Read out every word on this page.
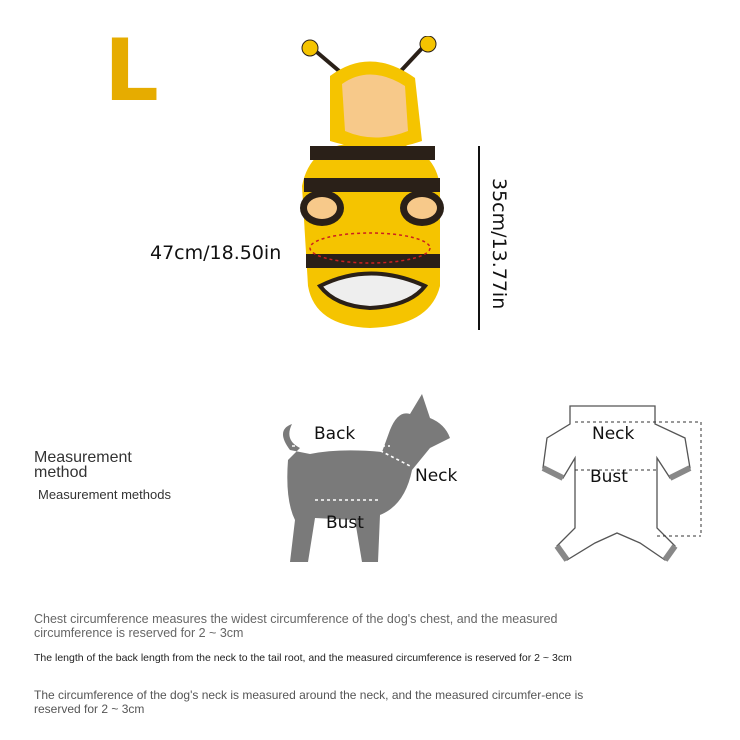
L
47cm/18.50in	35cm/13.77in
Measurement method
Measurement methods
Back
Neck
Bust
Neck
Bust
Chest circumference measures the widest circumference of the dog's chest, and the measured circumference is reserved for 2 ~ 3cm
The length of the back length from the neck to the tail root, and the measured circumference is reserved for 2 ~ 3cm
The circumference of the dog's neck is measured around the neck, and the measured circumfer-ence is reserved for 2 ~ 3cm
